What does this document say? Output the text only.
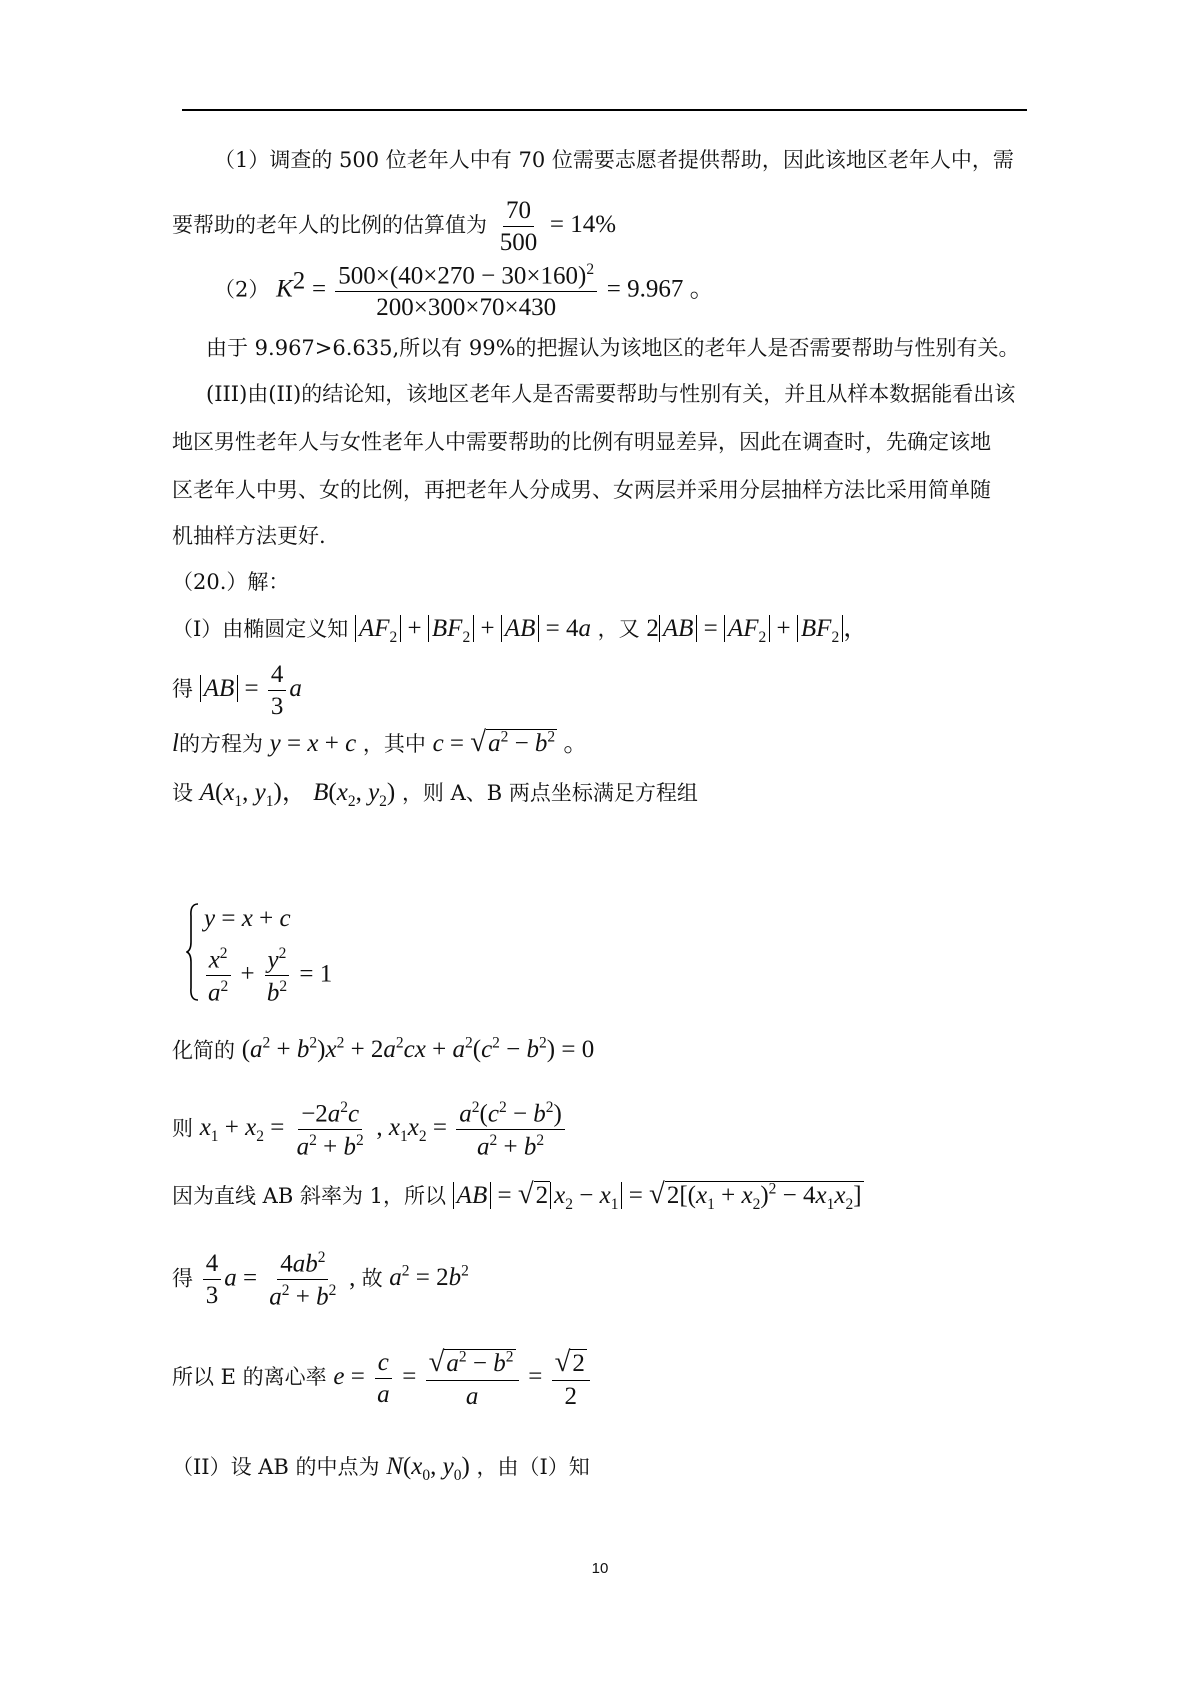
（1）调查的 500 位老年人中有 70 位需要志愿者提供帮助，因此该地区老年人中，需
要帮助的老年人的比例的估算值为 $\frac{70}{500} = 14\%$
（2） $K^2 = \frac{500\times(40\times 270 - 30\times 160)^2}{200\times 300\times 70\times 430} = 9.967$ 。
由于 9.967>6.635,所以有 99%的把握认为该地区的老年人是否需要帮助与性别有关。
(III)由(II)的结论知，该地区老年人是否需要帮助与性别有关，并且从样本数据能看出该
地区男性老年人与女性老年人中需要帮助的比例有明显差异，因此在调查时，先确定该地
区老年人中男、女的比例，再把老年人分成男、女两层并采用分层抽样方法比采用简单随
机抽样方法更好.
（20.）解：
（I）由椭圆定义知 $AF_2 + BF_2$ + AB = 4a ，又 2 AB = $AF_2 + BF_2$ ，
得 AB = $\frac{4}{3}$ a
l的方程为 y = x + c ，其中 $c = √a^2 - b^2$ 。
设 $A(x_1$, $y_1$)， $B(x_2$, $y_2$) ，则 A、B 两点坐标满足方程组
y = x + c
$\frac{x^2}{a^2} + \frac{y^2}{b^2} = 1$
化简的 $(a^2 + b^2)x^2 + 2a^2cx + a^2(c^2 - b^2) = 0$
则 $x_1 + x_2 = \frac{-2a^2c}{a^2 + b^2}$ , $x_1x_2 = \frac{a^2(c^2 - b^2)}{a^2 + b^2}$
因为直线 AB 斜率为 1，所以 AB = √2 $x_2 - x_1 = √2[(x_1 + x_2)^2 - 4x_1x_2]$
得 $\frac{4}{3}$ $a = \frac{4ab^2}{a^2 + b^2}$ , 故 $a^2 = 2b^2$
所以 E 的离心率 $e = \frac{c}{a} = \frac{√a^2 - b^2}{a} = \frac{√2}{2}$
（II）设 AB 的中点为 $N(x_0$, $y_0$) ，由（I）知
10
